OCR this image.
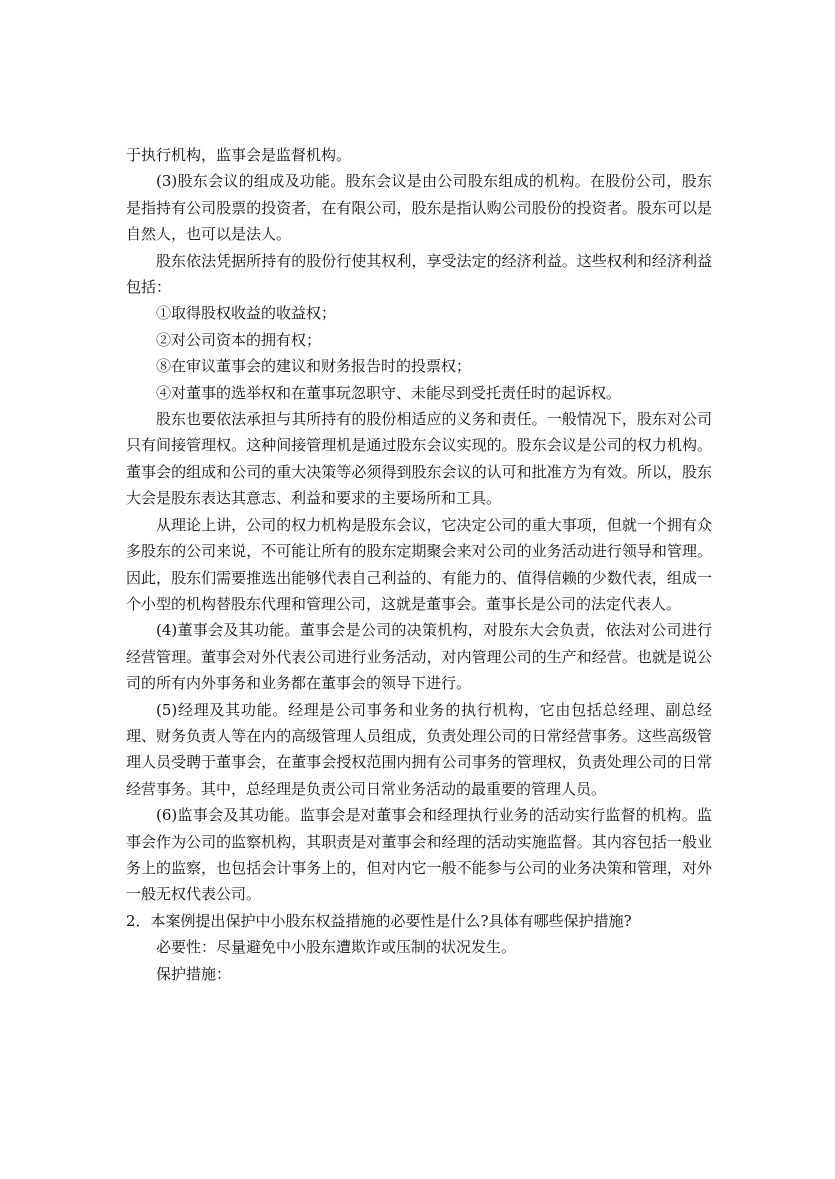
于执行机构，监事会是监督机构。

(3)股东会议的组成及功能。股东会议是由公司股东组成的机构。在股份公司，股东是指持有公司股票的投资者，在有限公司，股东是指认购公司股份的投资者。股东可以是自然人，也可以是法人。

股东依法凭据所持有的股份行使其权利，享受法定的经济利益。这些权利和经济利益包括：

①取得股权收益的收益权；

②对公司资本的拥有权；

⑧在审议董事会的建议和财务报告时的投票权；

④对董事的选举权和在董事玩忽职守、未能尽到受托责任时的起诉权。

股东也要依法承担与其所持有的股份相适应的义务和责任。一般情况下，股东对公司只有间接管理权。这种间接管理机是通过股东会议实现的。股东会议是公司的权力机构。董事会的组成和公司的重大决策等必须得到股东会议的认可和批准方为有效。所以，股东大会是股东表达其意志、利益和要求的主要场所和工具。

从理论上讲，公司的权力机构是股东会议，它决定公司的重大事项，但就一个拥有众多股东的公司来说，不可能让所有的股东定期聚会来对公司的业务活动进行领导和管理。因此，股东们需要推选出能够代表自己利益的、有能力的、值得信赖的少数代表，组成一个小型的机构替股东代理和管理公司，这就是董事会。董事长是公司的法定代表人。

(4)董事会及其功能。董事会是公司的决策机构，对股东大会负责，依法对公司进行经营管理。董事会对外代表公司进行业务活动，对内管理公司的生产和经营。也就是说公司的所有内外事务和业务都在董事会的领导下进行。

(5)经理及其功能。经理是公司事务和业务的执行机构，它由包括总经理、副总经理、财务负责人等在内的高级管理人员组成，负责处理公司的日常经营事务。这些高级管理人员受聘于董事会，在董事会授权范围内拥有公司事务的管理权，负责处理公司的日常经营事务。其中，总经理是负责公司日常业务活动的最重要的管理人员。

(6)监事会及其功能。监事会是对董事会和经理执行业务的活动实行监督的机构。监事会作为公司的监察机构，其职责是对董事会和经理的活动实施监督。其内容包括一般业务上的监察，也包括会计事务上的，但对内它一般不能参与公司的业务决策和管理，对外一般无权代表公司。

2．本案例提出保护中小股东权益措施的必要性是什么?具体有哪些保护措施?

必要性：尽量避免中小股东遭欺诈或压制的状况发生。

保护措施：
